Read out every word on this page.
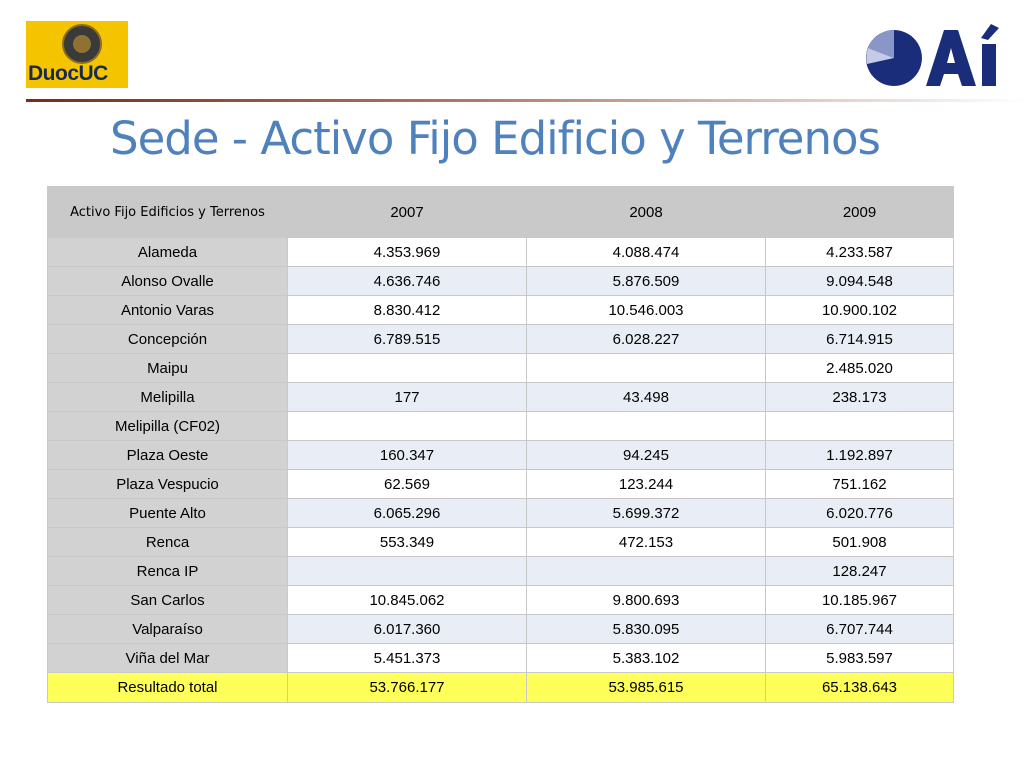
DuocUC
Sede - Activo Fijo Edificio y Terrenos
Activo Fijo Edificios y Terrenos	2007	2008	2009
Alameda	4.353.969	4.088.474	4.233.587
Alonso Ovalle	4.636.746	5.876.509	9.094.548
Antonio Varas	8.830.412	10.546.003	10.900.102
Concepción	6.789.515	6.028.227	6.714.915
Maipu			2.485.020
Melipilla	177	43.498	238.173
Melipilla (CF02)			
Plaza Oeste	160.347	94.245	1.192.897
Plaza Vespucio	62.569	123.244	751.162
Puente Alto	6.065.296	5.699.372	6.020.776
Renca	553.349	472.153	501.908
Renca IP			128.247
San Carlos	10.845.062	9.800.693	10.185.967
Valparaíso	6.017.360	5.830.095	6.707.744
Viña del Mar	5.451.373	5.383.102	5.983.597
Resultado total	53.766.177	53.985.615	65.138.643
